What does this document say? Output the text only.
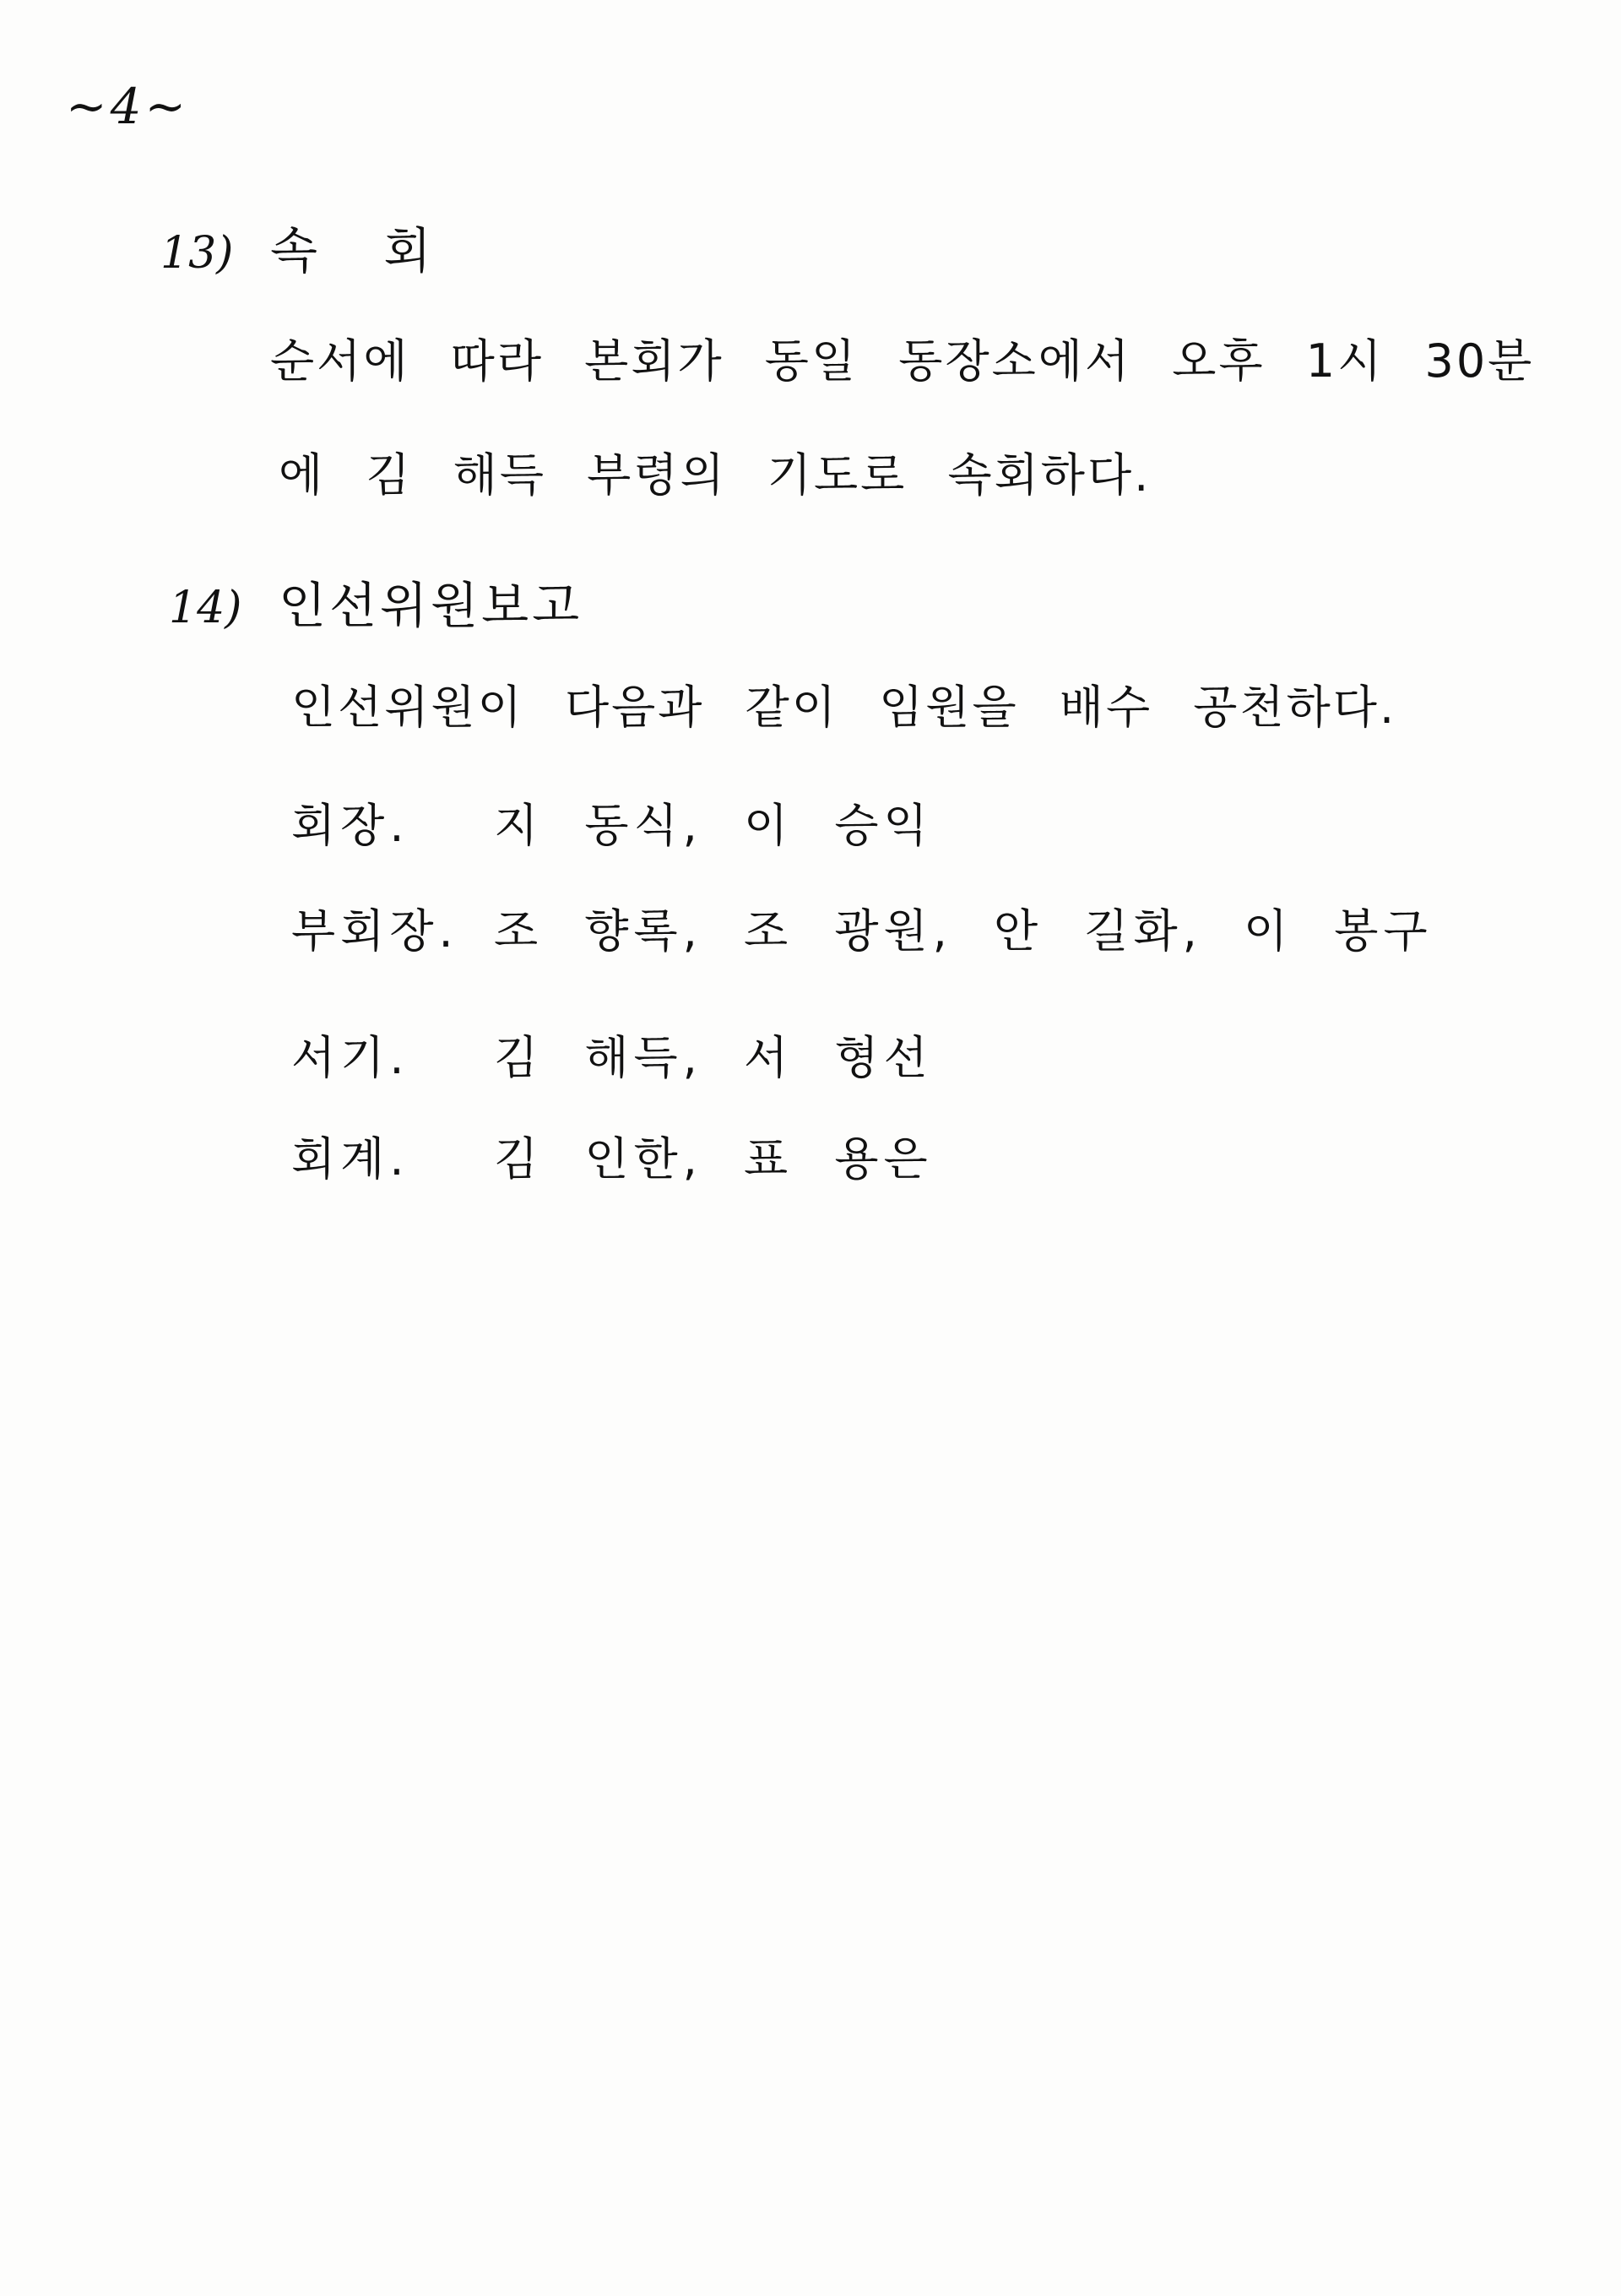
~4~
13) 속 회
순서에 따라 본회가 동일 동장소에서 오후 1시 30분
에 김 해득 부령의 기도로 속회하다.
14) 인선위원보고
인선위원이 다음과 같이 임원을 배수 공천하다.
회장.	지 동식, 이 승익
부회장. 조 향록, 조 광원, 안 길화, 이 봉구
서기.	김 해득, 서 형선
회계.	김 인한, 표 용은
